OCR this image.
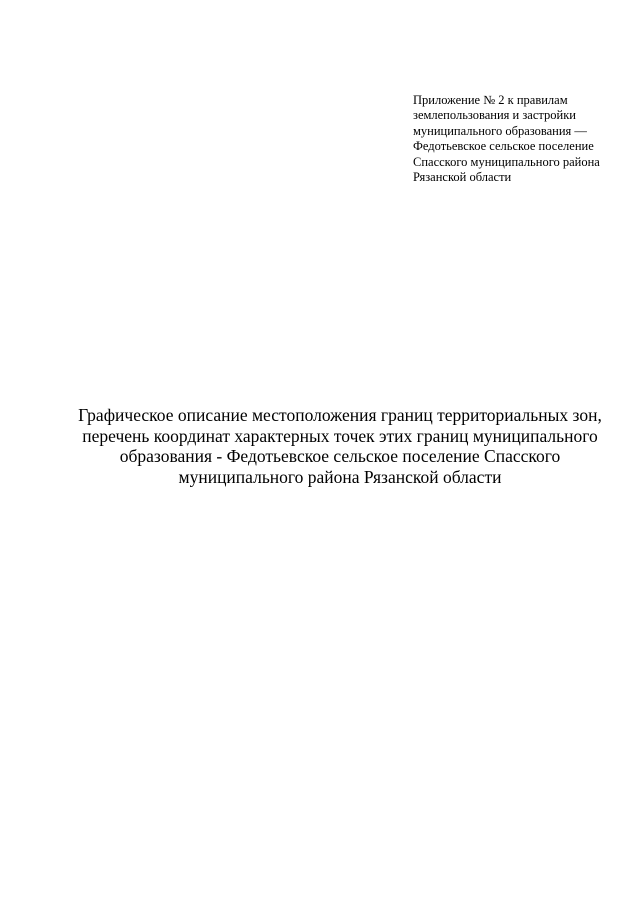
Приложение № 2 к правилам
землепользования и застройки
муниципального образования —
Федотьевское сельское поселение
Спасского муниципального района
Рязанской области
Графическое описание местоположения границ территориальных зон,
перечень координат характерных точек этих границ муниципального
образования - Федотьевское сельское поселение Спасского
муниципального района Рязанской области
